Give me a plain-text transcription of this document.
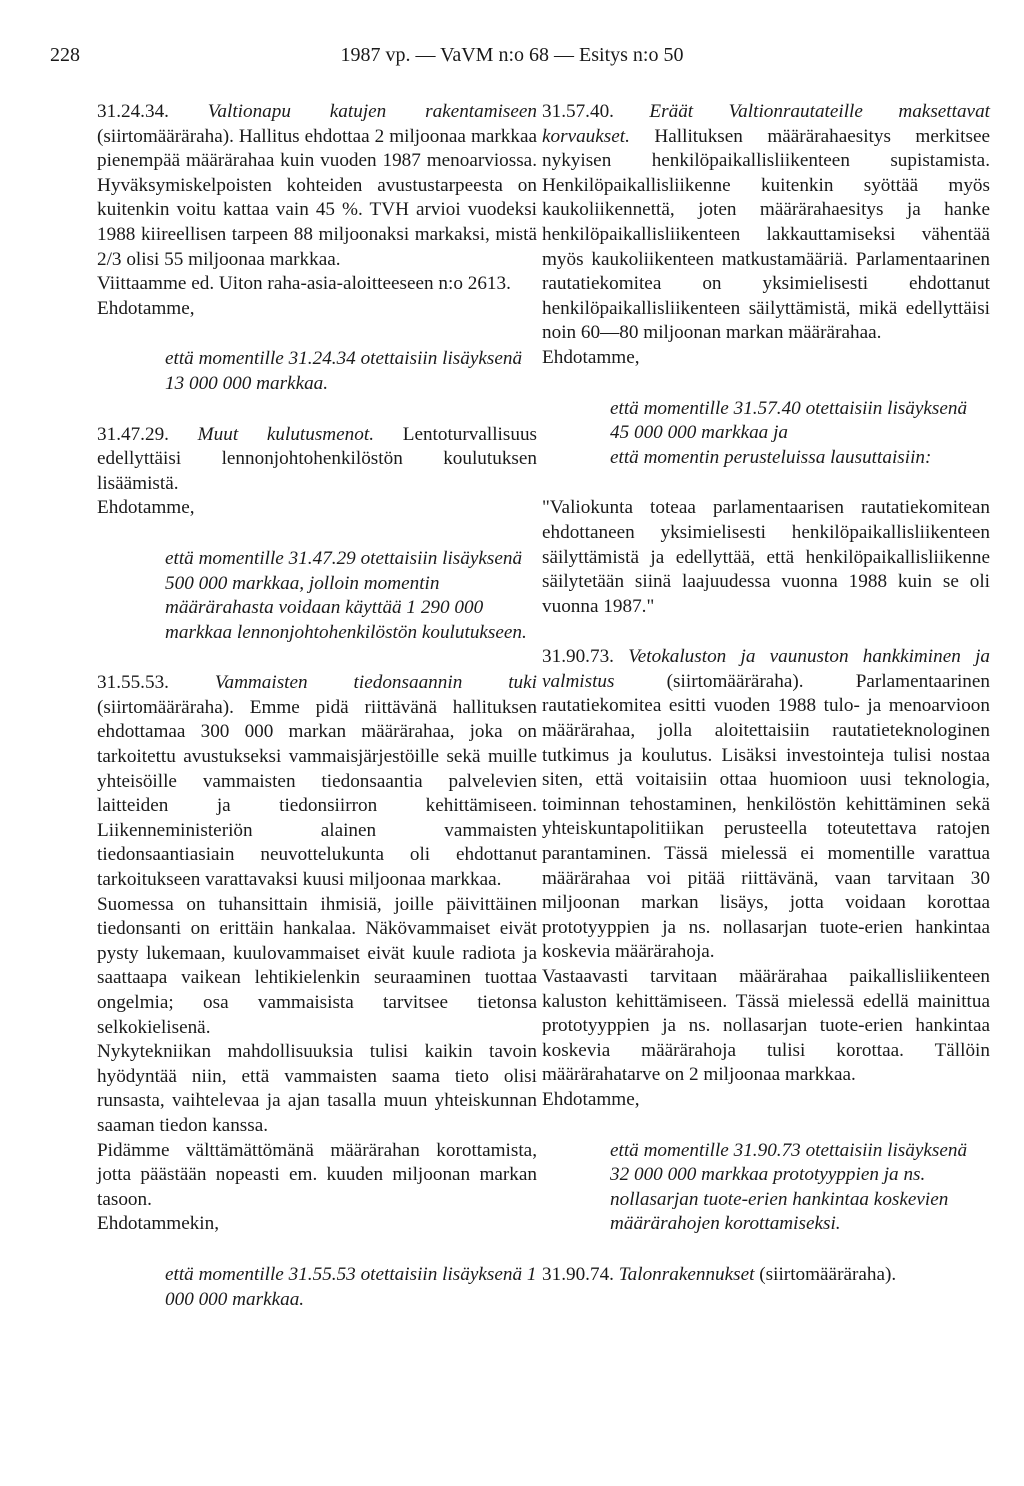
228	1987 vp. — VaVM n:o 68 — Esitys n:o 50

31.24.34. Valtionapu katujen rakentamiseen (siirtomääräraha). Hallitus ehdottaa 2 miljoonaa markkaa pienempää määrärahaa kuin vuoden 1987 menoarviossa. Hyväksymiskelpoisten kohteiden avustustarpeesta on kuitenkin voitu kattaa vain 45 %. TVH arvioi vuodeksi 1988 kiireellisen tarpeen 88 miljoonaksi markaksi, mistä 2/3 olisi 55 miljoonaa markkaa.

Viittaamme ed. Uiton raha-asia-aloitteeseen n:o 2613.

Ehdotamme,

että momentille 31.24.34 otettaisiin lisäyksenä 13 000 000 markkaa.

31.47.29. Muut kulutusmenot. Lentoturvallisuus edellyttäisi lennonjohtohenkilöstön koulutuksen lisäämistä.

Ehdotamme,

että momentille 31.47.29 otettaisiin lisäyksenä 500 000 markkaa, jolloin momentin määrärahasta voidaan käyttää 1 290 000 markkaa lennonjohtohenkilöstön koulutukseen.

31.55.53. Vammaisten tiedonsaannin tuki (siirtomääräraha). Emme pidä riittävänä hallituksen ehdottamaa 300 000 markan määrärahaa, joka on tarkoitettu avustukseksi vammaisjärjestöille sekä muille yhteisöille vammaisten tiedonsaantia palvelevien laitteiden ja tiedonsiirron kehittämiseen. Liikenneministeriön alainen vammaisten tiedonsaantiasiain neuvottelukunta oli ehdottanut tarkoitukseen varattavaksi kuusi miljoonaa markkaa.

Suomessa on tuhansittain ihmisiä, joille päivittäinen tiedonsanti on erittäin hankalaa. Näkövammaiset eivät pysty lukemaan, kuulovammaiset eivät kuule radiota ja saattaapa vaikean lehtikielenkin seuraaminen tuottaa ongelmia; osa vammaisista tarvitsee tietonsa selkokielisenä.

Nykytekniikan mahdollisuuksia tulisi kaikin tavoin hyödyntää niin, että vammaisten saama tieto olisi runsasta, vaihtelevaa ja ajan tasalla muun yhteiskunnan saaman tiedon kanssa.

Pidämme välttämättömänä määrärahan korottamista, jotta päästään nopeasti em. kuuden miljoonan markan tasoon.

Ehdotammekin,

että momentille 31.55.53 otettaisiin lisäyksenä 1 000 000 markkaa.

31.57.40. Eräät Valtionrautateille maksettavat korvaukset. Hallituksen määrärahaesitys merkitsee nykyisen henkilöpaikallisliikenteen supistamista. Henkilöpaikallisliikenne kuitenkin syöttää myös kaukoliikennettä, joten määrärahaesitys ja hanke henkilöpaikallisliikenteen lakkauttamiseksi vähentää myös kaukoliikenteen matkustamääriä. Parlamentaarinen rautatiekomitea on yksimielisesti ehdottanut henkilöpaikallisliikenteen säilyttämistä, mikä edellyttäisi noin 60—80 miljoonan markan määrärahaa.

Ehdotamme,

että momentille 31.57.40 otettaisiin lisäyksenä 45 000 000 markkaa ja

että momentin perusteluissa lausuttaisiin:

"Valiokunta toteaa parlamentaarisen rautatiekomitean ehdottaneen yksimielisesti henkilöpaikallisliikenteen säilyttämistä ja edellyttää, että henkilöpaikallisliikenne säilytetään siinä laajuudessa vuonna 1988 kuin se oli vuonna 1987."

31.90.73. Vetokaluston ja vaunuston hankkiminen ja valmistus	(siirtomääräraha). Parlamentaarinen rautatiekomitea esitti vuoden 1988 tulo- ja menoarvioon määrärahaa, jolla aloitettaisiin rautatieteknologinen tutkimus ja koulutus. Lisäksi investointeja tulisi nostaa siten, että voitaisiin ottaa huomioon uusi teknologia, toiminnan tehostaminen, henkilöstön kehittäminen sekä yhteiskuntapolitiikan perusteella toteutettava ratojen parantaminen. Tässä mielessä ei momentille varattua määrärahaa voi pitää riittävänä, vaan tarvitaan 30 miljoonan markan lisäys, jotta voidaan korottaa prototyyppien ja ns. nollasarjan tuote-erien hankintaa koskevia määrärahoja.

Vastaavasti tarvitaan määrärahaa paikallisliikenteen kaluston kehittämiseen. Tässä mielessä edellä mainittua prototyyppien ja ns. nollasarjan tuote-erien hankintaa koskevia määrärahoja tulisi korottaa. Tällöin määrärahatarve on 2 miljoonaa markkaa.

Ehdotamme,

että momentille 31.90.73 otettaisiin lisäyksenä 32 000 000 markkaa prototyyppien ja ns. nollasarjan tuote-erien hankintaa koskevien määrärahojen korottamiseksi.

31.90.74. Talonrakennukset (siirtomääräraha).
